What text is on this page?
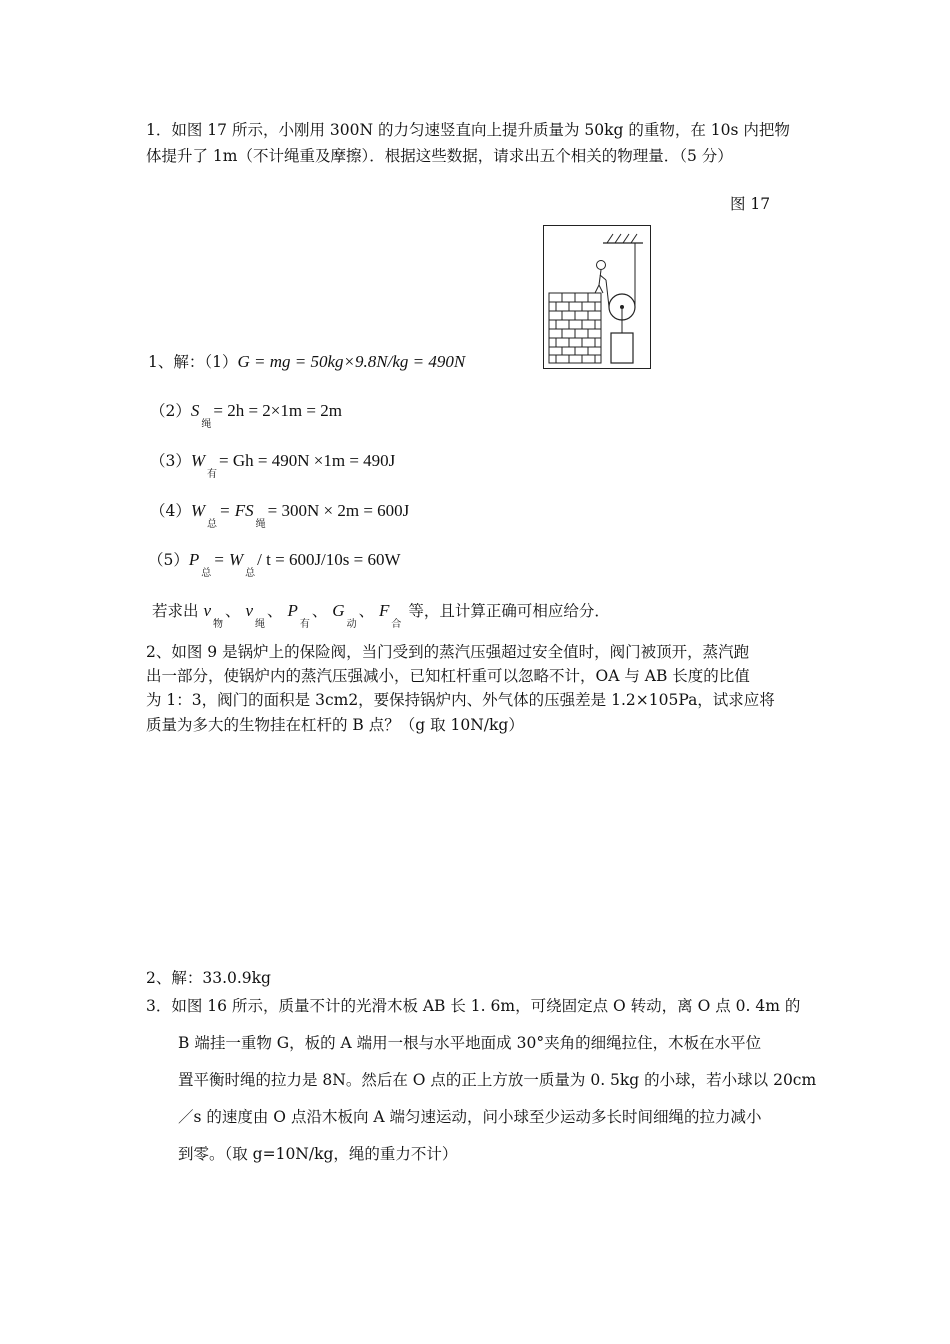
1．如图 17 所示，小刚用 300N 的力匀速竖直向上提升质量为 50kg 的重物，在 10s 内把物
体提升了 1m（不计绳重及摩擦）．根据这些数据，请求出五个相关的物理量．（5 分）
图 17
1、解：（1）G = mg = 50kg×9.8N/kg = 490N
$(2)S_绳= 2h = 2\times 1m = 2m$
$(3)W_有= Gh = 490N \times 1m = 490J$
$(4)W_总= FS_绳= 300N \times 2m = 600J$
$(5)P_总= W_总/$ t = 600J/10s = 60W
若求出 $v_物$、 $v_绳$、 $P_有$、 $G_动$、 $F_合$ 等，且计算正确可相应给分．
2、如图 9 是锅炉上的保险阀，当门受到的蒸汽压强超过安全值时，阀门被顶开，蒸汽跑
出一部分，使锅炉内的蒸汽压强减小，已知杠杆重可以忽略不计，OA 与 AB 长度的比值
为 1：3，阀门的面积是 3cm2，要保持锅炉内、外气体的压强差是 1.2×105Pa，试求应将
质量为多大的生物挂在杠杆的 B 点？（g 取 10N/kg）
2、解：33.0.9kg
3．如图 16 所示，质量不计的光滑木板 AB 长 1. 6m，可绕固定点 O 转动，离 O 点 0. 4m 的
B 端挂一重物 G，板的 A 端用一根与水平地面成 30°夹角的细绳拉住，木板在水平位
置平衡时绳的拉力是 8N。然后在 O 点的正上方放一质量为 0. 5kg 的小球，若小球以 20cm
／s 的速度由 O 点沿木板向 A 端匀速运动，问小球至少运动多长时间细绳的拉力减小
到零。（取 g=10N/kg，绳的重力不计）
